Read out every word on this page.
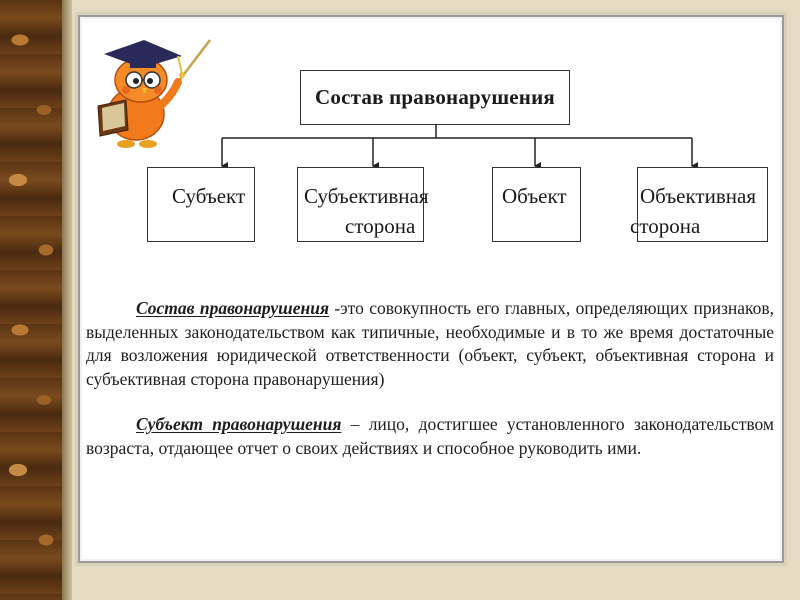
Состав правонарушения
Субъект	Субъективная
сторона
Объект	Объективная
сторона
Состав правонарушения -это совокупность его главных, определяющих признаков, выделенных законодательством как типичные, необходимые и в то же время достаточные для возложения юридической ответственности (объект, субъект, объективная сторона и субъективная сторона правонарушения)
Субъект правонарушения – лицо, достигшее установленного законодательством возраста, отдающее отчет о своих действиях и способное руководить ими.
